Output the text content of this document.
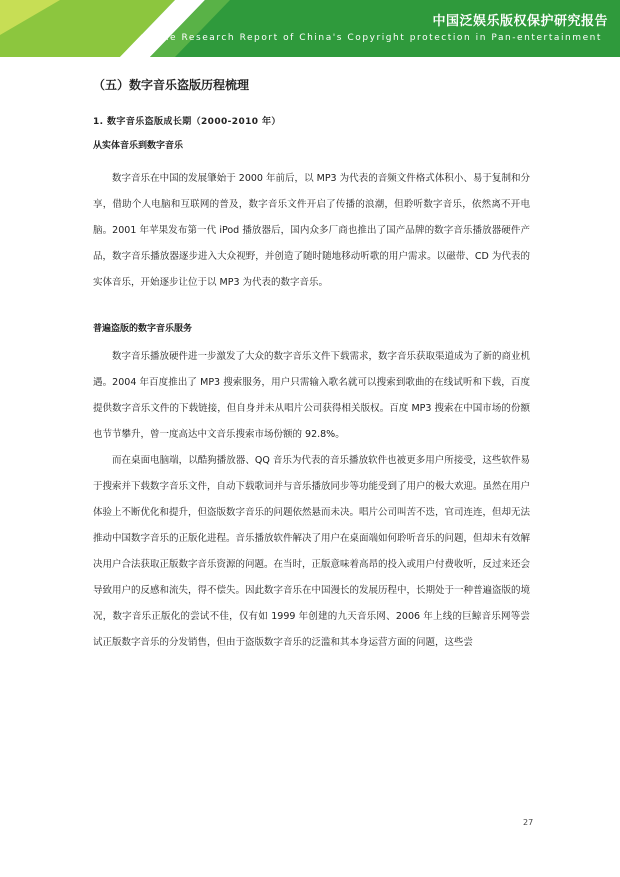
中国泛娱乐版权保护研究报告
The Research Report of China's Copyright protection in Pan-entertainment
（五）数字音乐盗版历程梳理
1. 数字音乐盗版成长期（2000-2010 年）
从实体音乐到数字音乐

数字音乐在中国的发展肇始于 2000 年前后，以 MP3 为代表的音频文件格式体积小、易于复制和分享，借助个人电脑和互联网的普及，数字音乐文件开启了传播的浪潮，但聆听数字音乐，依然离不开电脑。2001 年苹果发布第一代 iPod 播放器后，国内众多厂商也推出了国产品牌的数字音乐播放器硬件产品，数字音乐播放器逐步进入大众视野，并创造了随时随地移动听歌的用户需求。以磁带、CD 为代表的实体音乐，开始逐步让位于以 MP3 为代表的数字音乐。

普遍盗版的数字音乐服务

数字音乐播放硬件进一步激发了大众的数字音乐文件下载需求，数字音乐获取渠道成为了新的商业机遇。2004 年百度推出了 MP3 搜索服务，用户只需输入歌名就可以搜索到歌曲的在线试听和下载，百度提供数字音乐文件的下载链接，但自身并未从唱片公司获得相关版权。百度 MP3 搜索在中国市场的份额也节节攀升，曾一度高达中文音乐搜索市场份额的 92.8%。

而在桌面电脑端，以酷狗播放器、QQ 音乐为代表的音乐播放软件也被更多用户所接受，这些软件易于搜索并下载数字音乐文件，自动下载歌词并与音乐播放同步等功能受到了用户的极大欢迎。虽然在用户体验上不断优化和提升，但盗版数字音乐的问题依然悬而未决。唱片公司叫苦不迭，官司连连，但却无法推动中国数字音乐的正版化进程。音乐播放软件解决了用户在桌面端如何聆听音乐的问题，但却未有效解决用户合法获取正版数字音乐资源的问题。在当时，正版意味着高昂的投入或用户付费收听，反过来还会导致用户的反感和流失，得不偿失。因此数字音乐在中国漫长的发展历程中，长期处于一种普遍盗版的境况，数字音乐正版化的尝试不佳，仅有如 1999 年创建的九天音乐网、2006 年上线的巨鲸音乐网等尝试正版数字音乐的分发销售，但由于盗版数字音乐的泛滥和其本身运营方面的问题，这些尝

27
